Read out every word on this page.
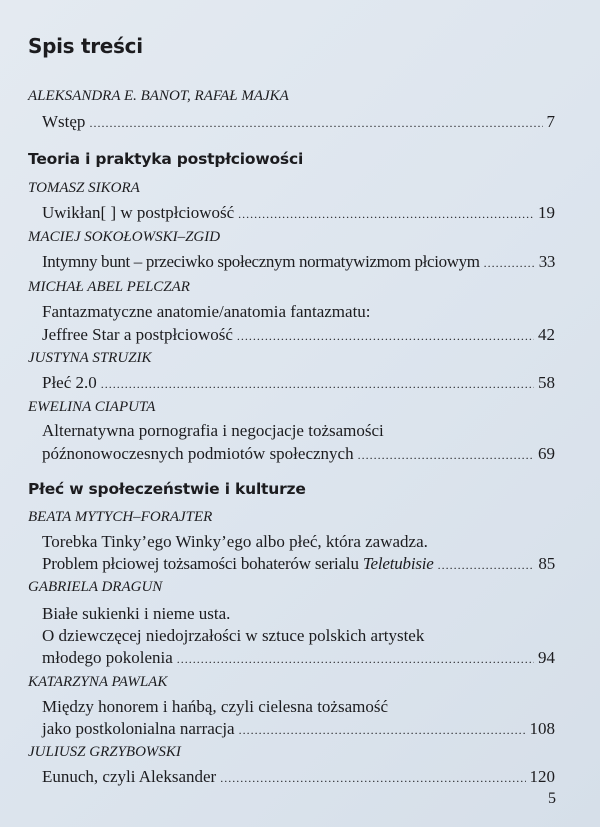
Spis treści
ALEKSANDRA E. BANOT, RAFAŁ MAJKA
Wstęp .....	7
Teoria i praktyka postpłciowości
TOMASZ SIKORA
Uwikłan[ ] w postpłciowość .....	19
MACIEJ SOKOŁOWSKI–ZGID
Intymny bunt – przeciwko społecznym normatywizmom płciowym .....	33
MICHAŁ ABEL PELCZAR
Fantazmatyczne anatomie/anatomia fantazmatu:
Jeffree Star a postpłciowość .....	42
JUSTYNA STRUZIK
Płeć 2.0 .....	58
EWELINA CIAPUTA
Alternatywna pornografia i negocjacje tożsamości
późnonowoczesnych podmiotów społecznych .....	69
Płeć w społeczeństwie i kulturze
BEATA MYTYCH–FORAJTER
Torebka Tinky’ego Winky’ego albo płeć, która zawadza.
Problem płciowej tożsamości bohaterów serialu Teletubisie .....	85
GABRIELA DRAGUN
Białe sukienki i nieme usta.
O dziewczęcej niedojrzałości w sztuce polskich artystek
młodego pokolenia .....	94
KATARZYNA PAWLAK
Między honorem i hańbą, czyli cielesna tożsamość
jako postkolonialna narracja .....	108
JULIUSZ GRZYBOWSKI
Eunuch, czyli Aleksander .....	120
5
